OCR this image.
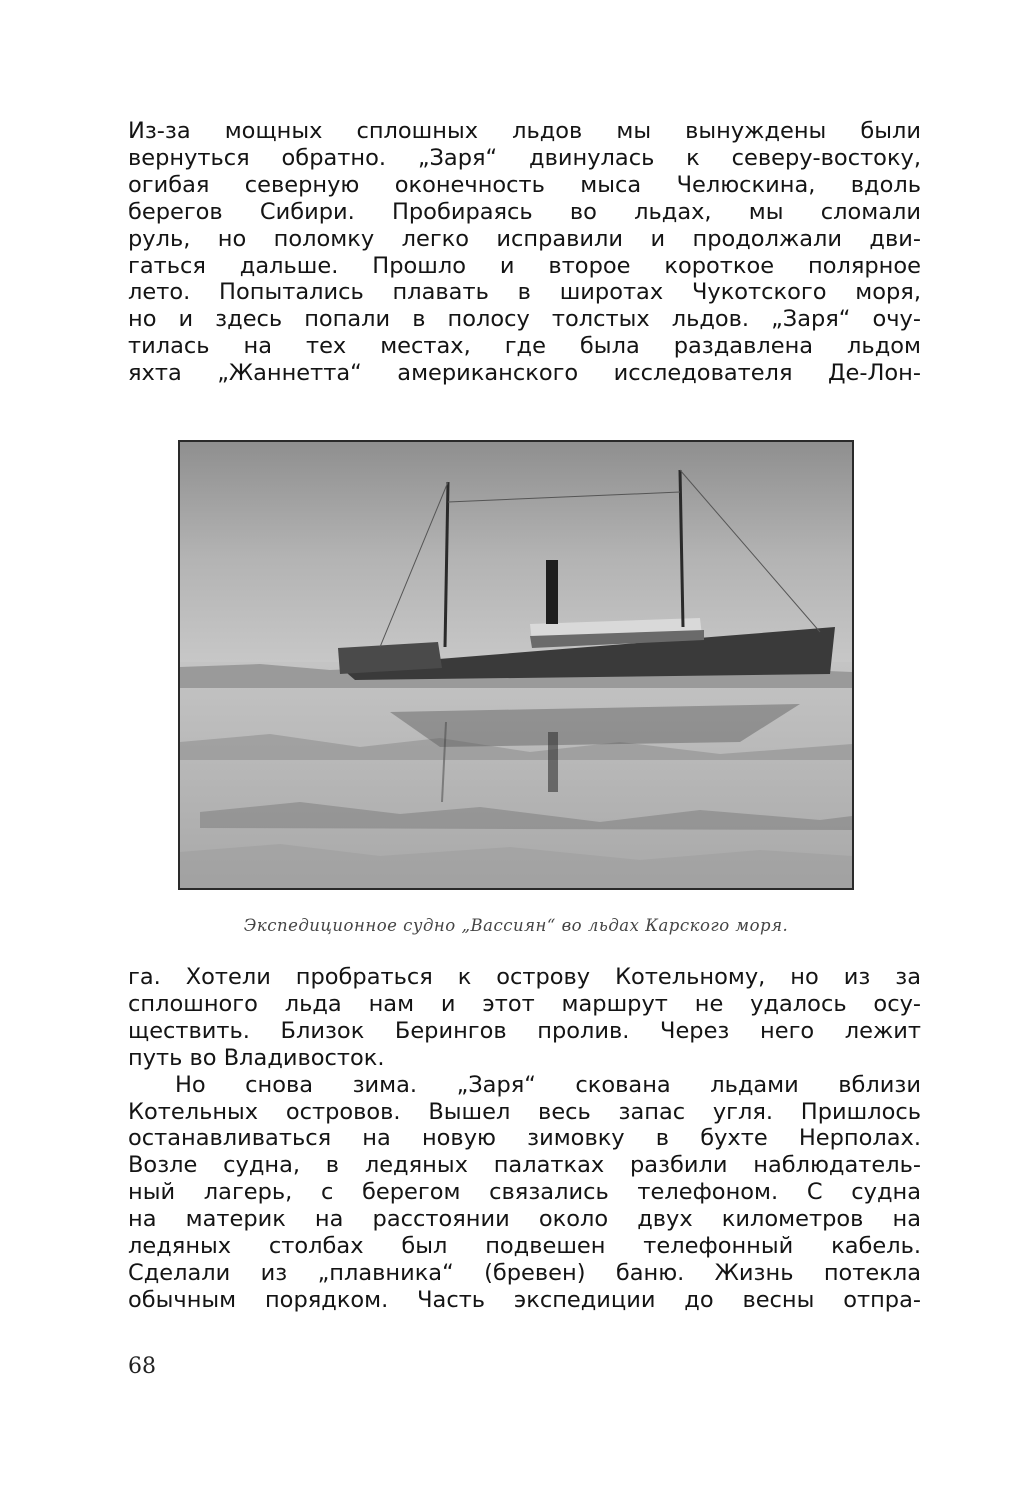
Из-за мощных сплошных льдов мы вынуждены были
вернуться обратно. „Заря“ двинулась к северу-востоку,
огибая северную оконечность мыса Челюскина, вдоль
берегов Сибири. Пробираясь во льдах, мы сломали
руль, но поломку легко исправили и продолжали дви-
гаться дальше. Прошло и второе короткое полярное
лето. Попытались плавать в широтах Чукотского моря,
но и здесь попали в полосу толстых льдов. „Заря“ очу-
тилась на тех местах, где была раздавлена льдом
яхта „Жаннетта“ американского исследователя Де-Лон-
Экспедиционное судно „Вассиян“ во льдах Карского моря.
га. Хотели пробраться к острову Котельному, но из за
сплошного льда нам и этот маршрут не удалось осу-
ществить. Близок Берингов пролив. Через него лежит
путь во Владивосток.
Но снова зима. „Заря“ скована льдами вблизи
Котельных островов. Вышел весь запас угля. Пришлось
останавливаться на новую зимовку в бухте Нерполах.
Возле судна, в ледяных палатках разбили наблюдатель-
ный лагерь, с берегом связались телефоном. С судна
на материк на расстоянии около двух километров на
ледяных столбах был подвешен телефонный кабель.
Сделали из „плавника“ (бревен) баню. Жизнь потекла
обычным порядком. Часть экспедиции до весны отпра-
68
